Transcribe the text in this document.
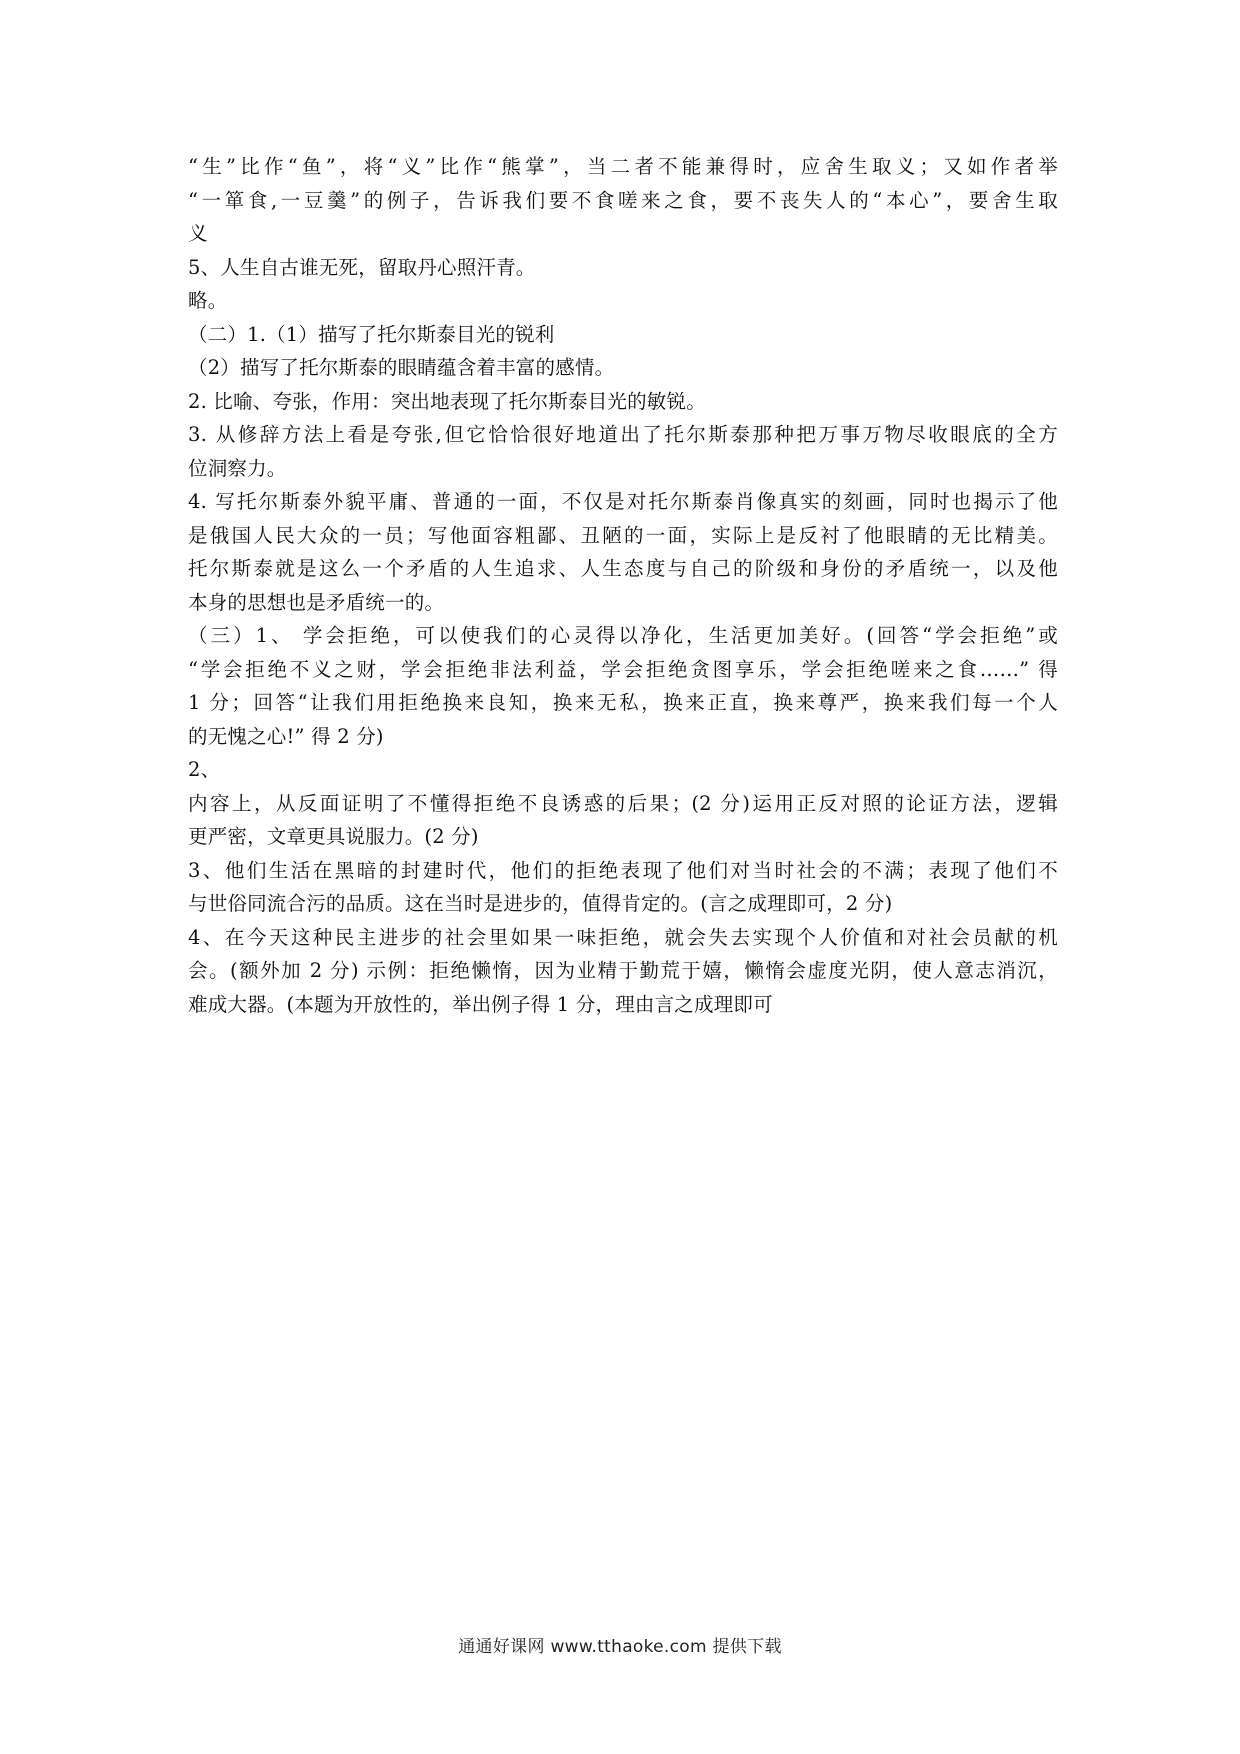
“生”比作“鱼”，将“义”比作“熊掌”，当二者不能兼得时，应舍生取义；又如作者举
“一箪食,一豆羹”的例子，告诉我们要不食嗟来之食，要不丧失人的“本心”，要舍生取
义
5、人生自古谁无死，留取丹心照汗青。
略。
（二）1.（1）描写了托尔斯泰目光的锐利
（2）描写了托尔斯泰的眼睛蕴含着丰富的感情。
2. 比喻、夸张，作用：突出地表现了托尔斯泰目光的敏锐。
3. 从修辞方法上看是夸张,但它恰恰很好地道出了托尔斯泰那种把万事万物尽收眼底的全方
位洞察力。
4. 写托尔斯泰外貌平庸、普通的一面，不仅是对托尔斯泰肖像真实的刻画，同时也揭示了他
是俄国人民大众的一员；写他面容粗鄙、丑陋的一面，实际上是反衬了他眼睛的无比精美。
托尔斯泰就是这么一个矛盾的人生追求、人生态度与自己的阶级和身份的矛盾统一，以及他
本身的思想也是矛盾统一的。
（三）1、 学会拒绝，可以使我们的心灵得以净化，生活更加美好。(回答“学会拒绝”或
“学会拒绝不义之财，学会拒绝非法利益，学会拒绝贪图享乐，学会拒绝嗟来之食……” 得
1 分；回答“让我们用拒绝换来良知，换来无私，换来正直，换来尊严，换来我们每一个人
的无愧之心!” 得 2 分)
2、
内容上，从反面证明了不懂得拒绝不良诱惑的后果；(2 分)运用正反对照的论证方法，逻辑
更严密，文章更具说服力。(2 分)
3、他们生活在黑暗的封建时代，他们的拒绝表现了他们对当时社会的不满；表现了他们不
与世俗同流合污的品质。这在当时是进步的，值得肯定的。(言之成理即可，2 分)
4、在今天这种民主进步的社会里如果一味拒绝，就会失去实现个人价值和对社会员献的机
会。(额外加 2 分) 示例：拒绝懒惰，因为业精于勤荒于嬉，懒惰会虚度光阴，使人意志消沉，
难成大器。(本题为开放性的，举出例子得 1 分，理由言之成理即可
通通好课网 www.tthaoke.com 提供下载
